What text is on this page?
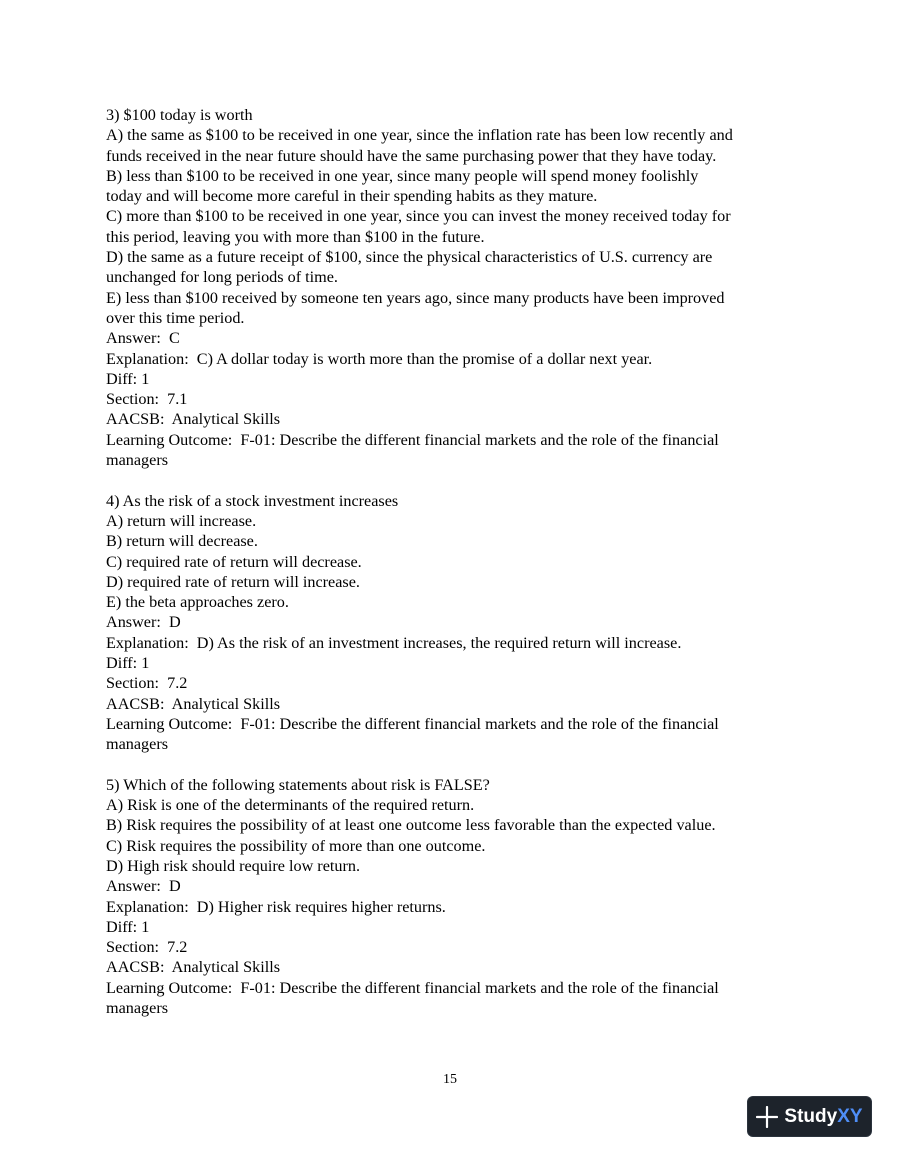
3) $100 today is worth
A) the same as $100 to be received in one year, since the inflation rate has been low recently and
funds received in the near future should have the same purchasing power that they have today.
B) less than $100 to be received in one year, since many people will spend money foolishly
today and will become more careful in their spending habits as they mature.
C) more than $100 to be received in one year, since you can invest the money received today for
this period, leaving you with more than $100 in the future.
D) the same as a future receipt of $100, since the physical characteristics of U.S. currency are
unchanged for long periods of time.
E) less than $100 received by someone ten years ago, since many products have been improved
over this time period.
Answer:  C
Explanation:  C) A dollar today is worth more than the promise of a dollar next year.
Diff: 1
Section:  7.1
AACSB:  Analytical Skills
Learning Outcome:  F-01: Describe the different financial markets and the role of the financial
managers
4) As the risk of a stock investment increases
A) return will increase.
B) return will decrease.
C) required rate of return will decrease.
D) required rate of return will increase.
E) the beta approaches zero.
Answer:  D
Explanation:  D) As the risk of an investment increases, the required return will increase.
Diff: 1
Section:  7.2
AACSB:  Analytical Skills
Learning Outcome:  F-01: Describe the different financial markets and the role of the financial
managers
5) Which of the following statements about risk is FALSE?
A) Risk is one of the determinants of the required return.
B) Risk requires the possibility of at least one outcome less favorable than the expected value.
C) Risk requires the possibility of more than one outcome.
D) High risk should require low return.
Answer:  D
Explanation:  D) Higher risk requires higher returns.
Diff: 1
Section:  7.2
AACSB:  Analytical Skills
Learning Outcome:  F-01: Describe the different financial markets and the role of the financial
managers
15
StudyXY
